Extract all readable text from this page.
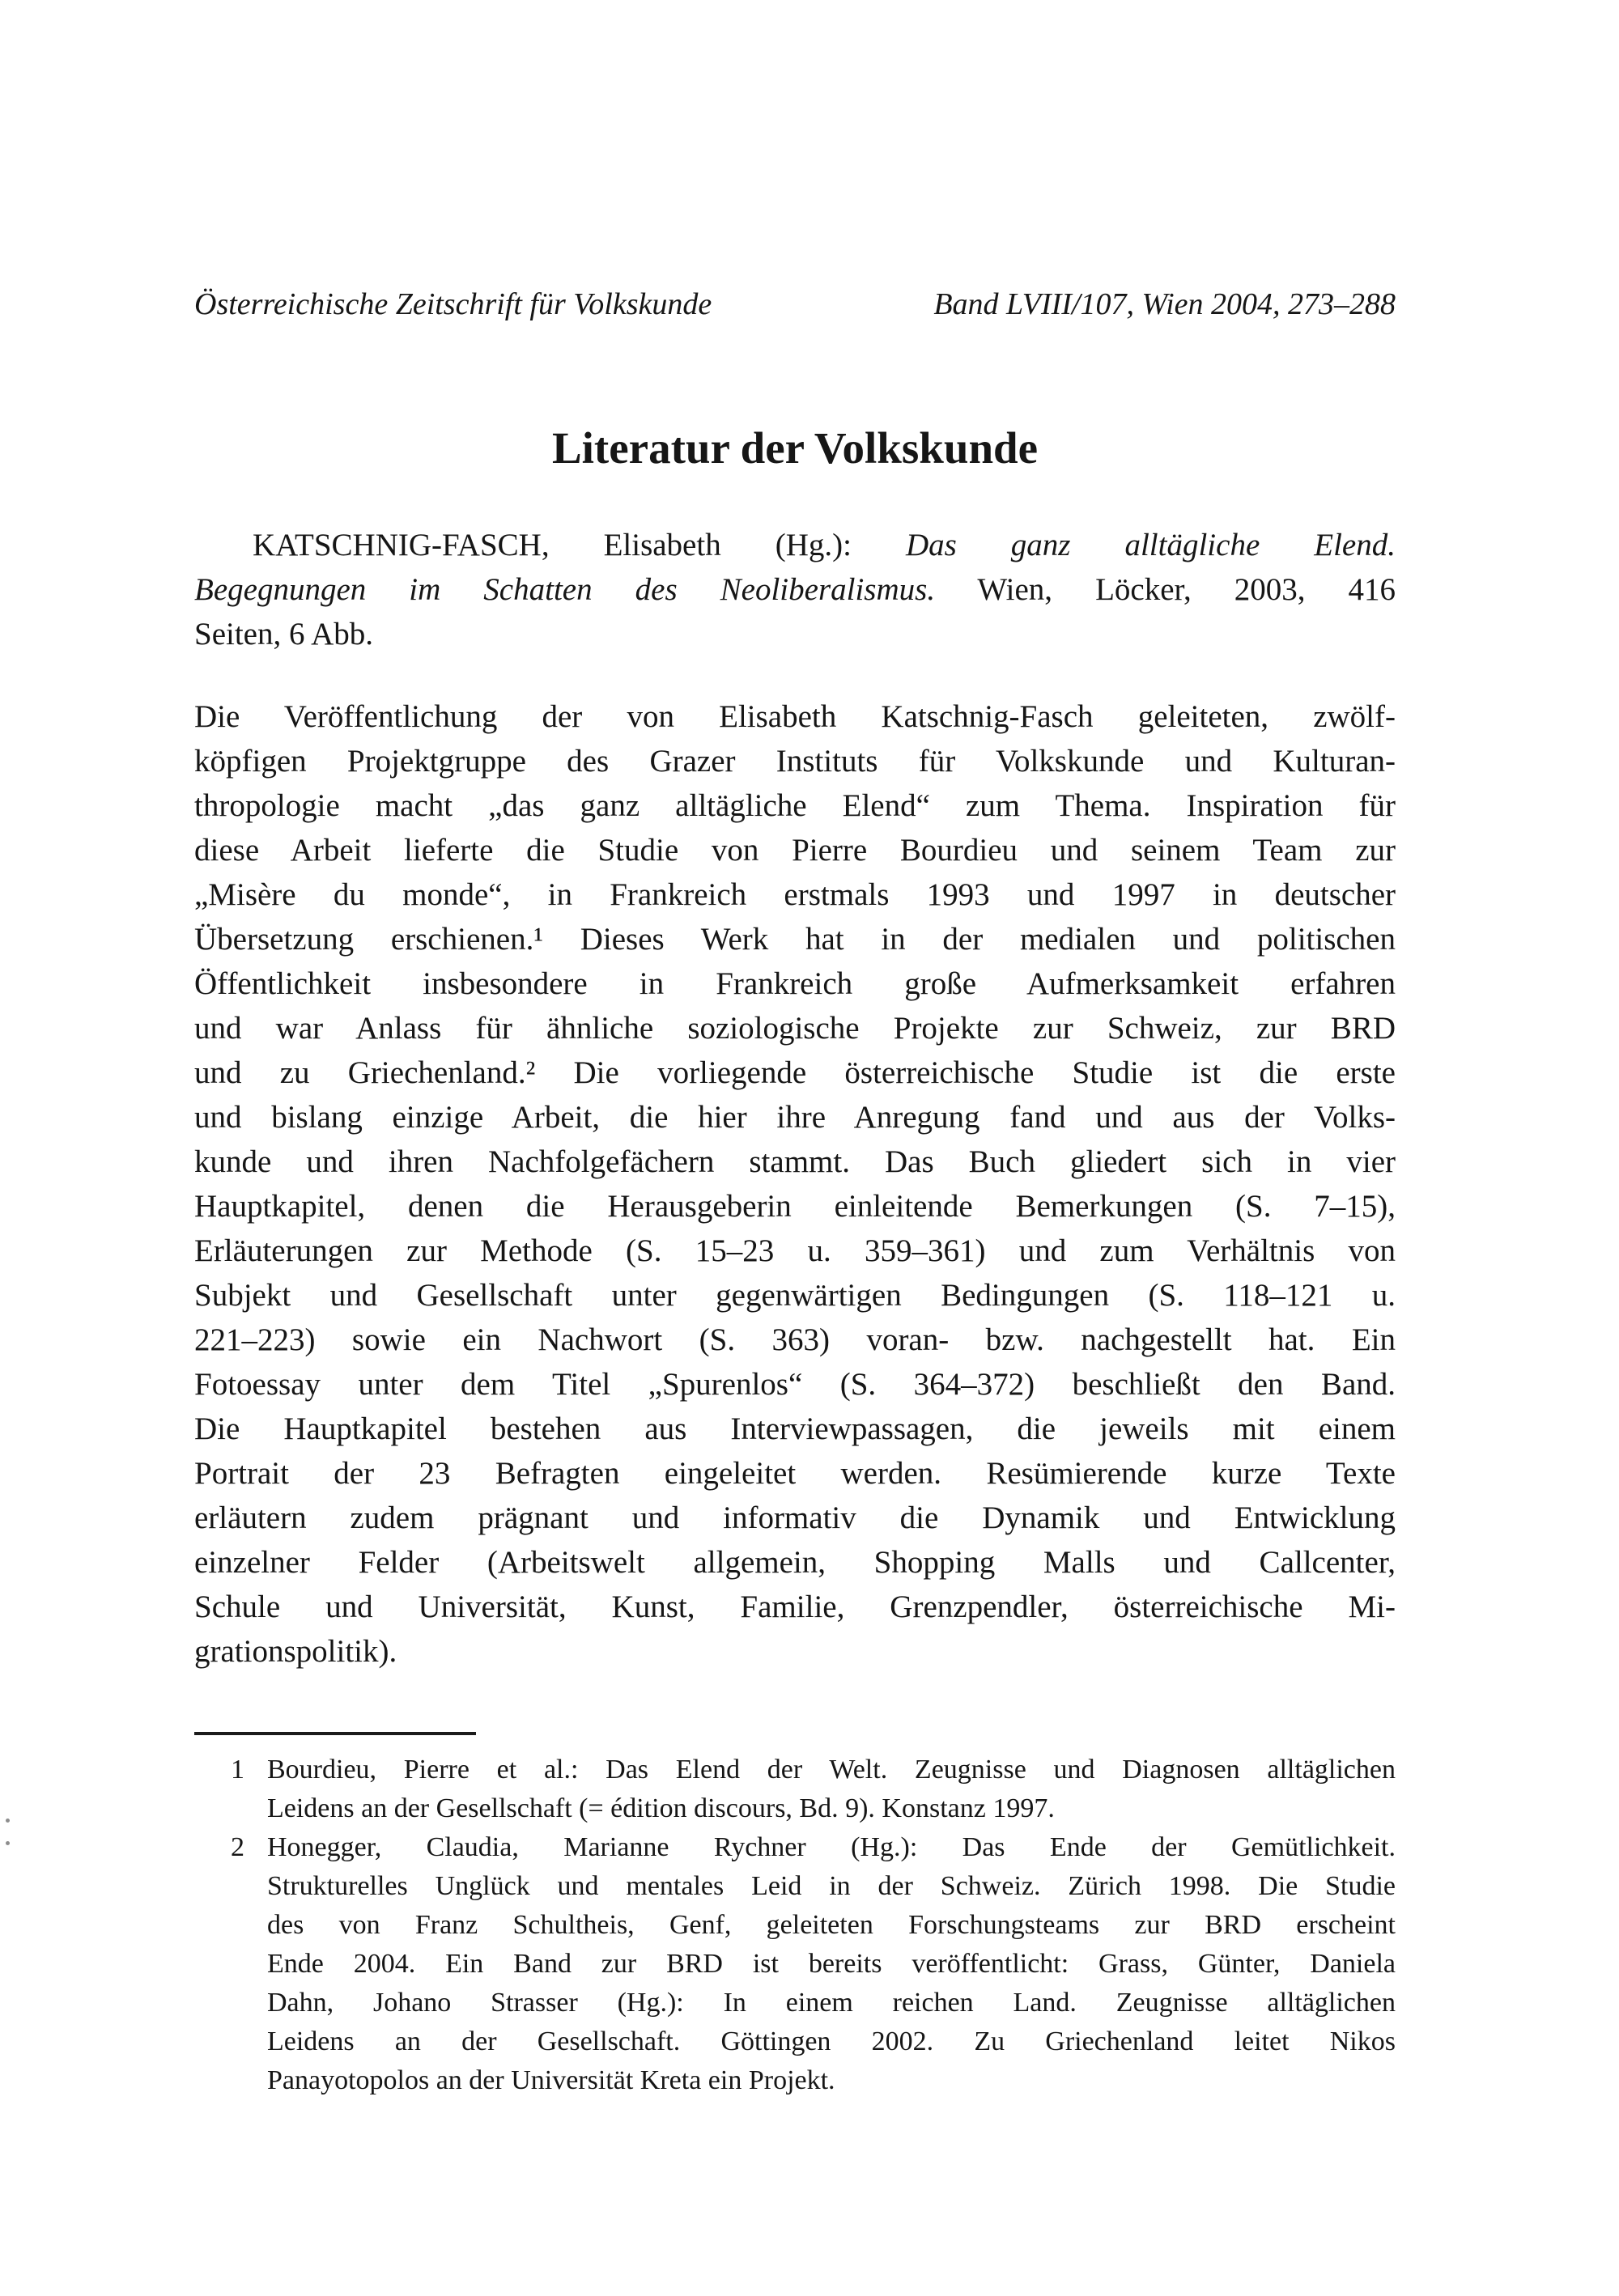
Österreichische Zeitschrift für Volkskunde	Band LVIII/107, Wien 2004, 273–288
Literatur der Volkskunde
KATSCHNIG-FASCH, Elisabeth (Hg.): Das ganz alltägliche Elend.
Begegnungen im Schatten des Neoliberalismus. Wien, Löcker, 2003, 416
Seiten, 6 Abb.
Die Veröffentlichung der von Elisabeth Katschnig-Fasch geleiteten, zwölf-
köpfigen Projektgruppe des Grazer Instituts für Volkskunde und Kulturan-
thropologie macht „das ganz alltägliche Elend“ zum Thema. Inspiration für
diese Arbeit lieferte die Studie von Pierre Bourdieu und seinem Team zur
„Misère du monde“, in Frankreich erstmals 1993 und 1997 in deutscher
Übersetzung erschienen.¹ Dieses Werk hat in der medialen und politischen
Öffentlichkeit insbesondere in Frankreich große Aufmerksamkeit erfahren
und war Anlass für ähnliche soziologische Projekte zur Schweiz, zur BRD
und zu Griechenland.² Die vorliegende österreichische Studie ist die erste
und bislang einzige Arbeit, die hier ihre Anregung fand und aus der Volks-
kunde und ihren Nachfolgefächern stammt. Das Buch gliedert sich in vier
Hauptkapitel, denen die Herausgeberin einleitende Bemerkungen (S. 7–15),
Erläuterungen zur Methode (S. 15–23 u. 359–361) und zum Verhältnis von
Subjekt und Gesellschaft unter gegenwärtigen Bedingungen (S. 118–121 u.
221–223) sowie ein Nachwort (S. 363) voran- bzw. nachgestellt hat. Ein
Fotoessay unter dem Titel „Spurenlos“ (S. 364–372) beschließt den Band.
Die Hauptkapitel bestehen aus Interviewpassagen, die jeweils mit einem
Portrait der 23 Befragten eingeleitet werden. Resümierende kurze Texte
erläutern zudem prägnant und informativ die Dynamik und Entwicklung
einzelner Felder (Arbeitswelt allgemein, Shopping Malls und Callcenter,
Schule und Universität, Kunst, Familie, Grenzpendler, österreichische Mi-
grationspolitik).
1 Bourdieu, Pierre et al.: Das Elend der Welt. Zeugnisse und Diagnosen alltäglichen
Leidens an der Gesellschaft (= édition discours, Bd. 9). Konstanz 1997.
2 Honegger, Claudia, Marianne Rychner (Hg.): Das Ende der Gemütlichkeit.
Strukturelles Unglück und mentales Leid in der Schweiz. Zürich 1998. Die Studie
des von Franz Schultheis, Genf, geleiteten Forschungsteams zur BRD erscheint
Ende 2004. Ein Band zur BRD ist bereits veröffentlicht: Grass, Günter, Daniela
Dahn, Johano Strasser (Hg.): In einem reichen Land. Zeugnisse alltäglichen
Leidens an der Gesellschaft. Göttingen 2002. Zu Griechenland leitet Nikos
Panayotopolos an der Universität Kreta ein Projekt.
